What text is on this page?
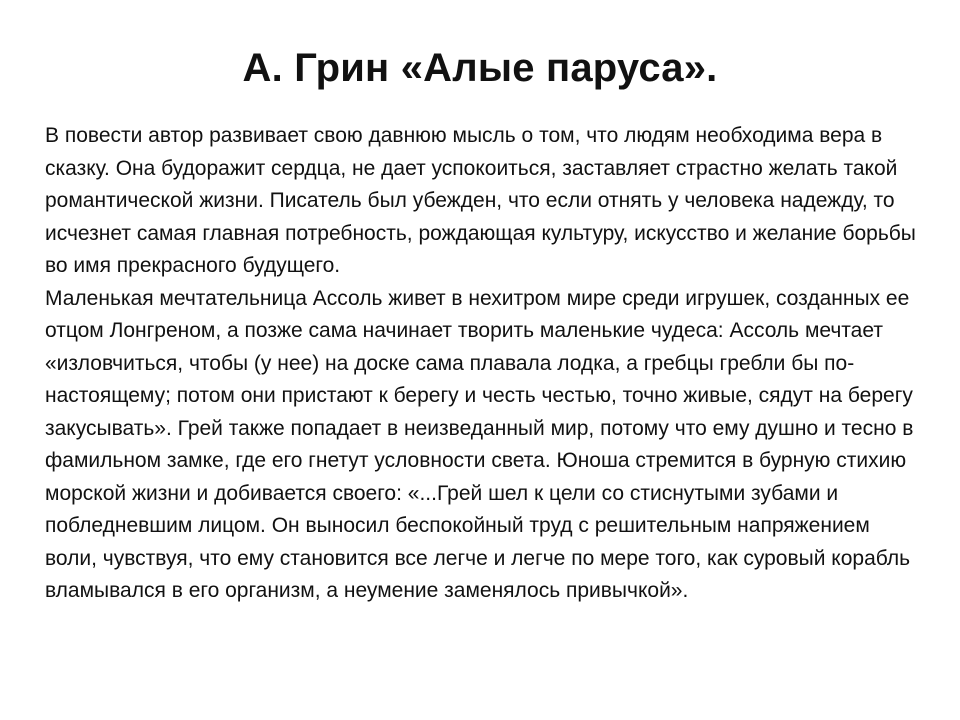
А. Грин «Алые паруса».

В повести автор развивает свою давнюю мысль о том, что людям необходима вера в сказку. Она будоражит сердца, не дает успокоиться, заставляет страстно желать такой романтической жизни. Писатель был убежден, что если отнять у человека надежду, то исчезнет самая главная потребность, рождающая культуру, искусство и желание борьбы во имя прекрасного будущего.

Маленькая мечтательница Ассоль живет в нехитром мире среди игрушек, созданных ее отцом Лонгреном, а позже сама начинает творить маленькие чудеса: Ассоль мечтает «изловчиться, чтобы (у нее) на доске сама плавала лодка, а гребцы гребли бы по-настоящему; потом они пристают к берегу и честь честью, точно живые, сядут на берегу закусывать». Грей также попадает в неизведанный мир, потому что ему душно и тесно в фамильном замке, где его гнетут условности света. Юноша стремится в бурную стихию морской жизни и добивается своего: «...Грей шел к цели со стиснутыми зубами и побледневшим лицом. Он выносил беспокойный труд с решительным напряжением воли, чувствуя, что ему становится все легче и легче по мере того, как суровый корабль вламывался в его организм, а неумение заменялось привычкой».
